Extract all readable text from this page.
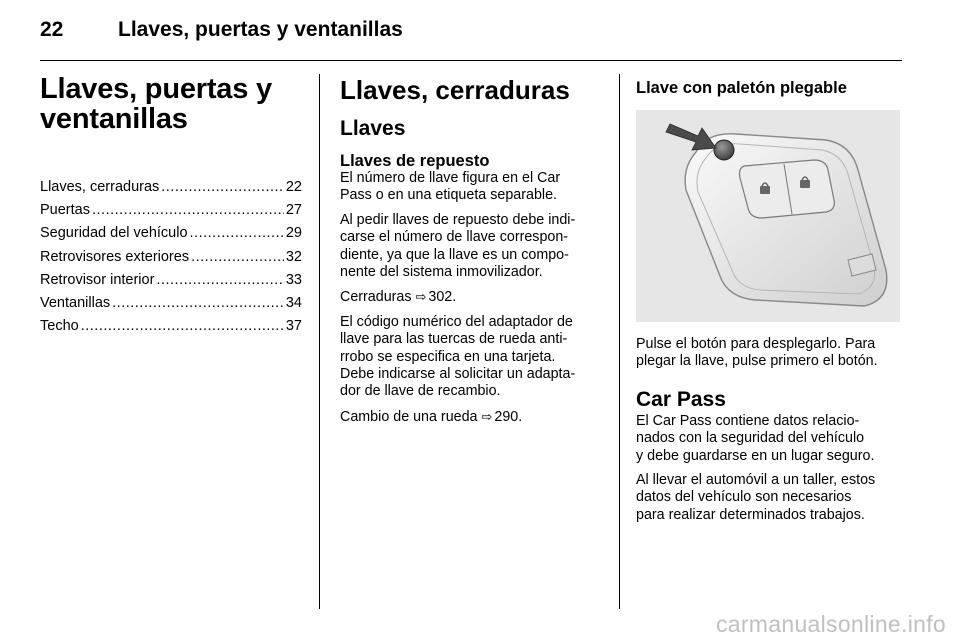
22	Llaves, puertas y ventanillas
Llaves, puertas y
ventanillas
Llaves, cerraduras .....	22
Puertas .....	27
Seguridad del vehículo .....	29
Retrovisores exteriores .....	32
Retrovisor interior .....	33
Ventanillas .....	34
Techo .....	37
Llaves, cerraduras
Llaves
Llaves de repuesto
El número de llave figura en el Car
Pass o en una etiqueta separable.
Al pedir llaves de repuesto debe indi-
carse el número de llave correspon-
diente, ya que la llave es un compo-
nente del sistema inmovilizador.
Cerraduras ⇨ 302.
El código numérico del adaptador de
llave para las tuercas de rueda anti-
rrobo se especifica en una tarjeta.
Debe indicarse al solicitar un adapta-
dor de llave de recambio.
Cambio de una rueda ⇨ 290.
Llave con paletón plegable
Pulse el botón para desplegarlo. Para
plegar la llave, pulse primero el botón.
Car Pass
El Car Pass contiene datos relacio-
nados con la seguridad del vehículo
y debe guardarse en un lugar seguro.
Al llevar el automóvil a un taller, estos
datos del vehículo son necesarios
para realizar determinados trabajos.
carmanualsonline.info
